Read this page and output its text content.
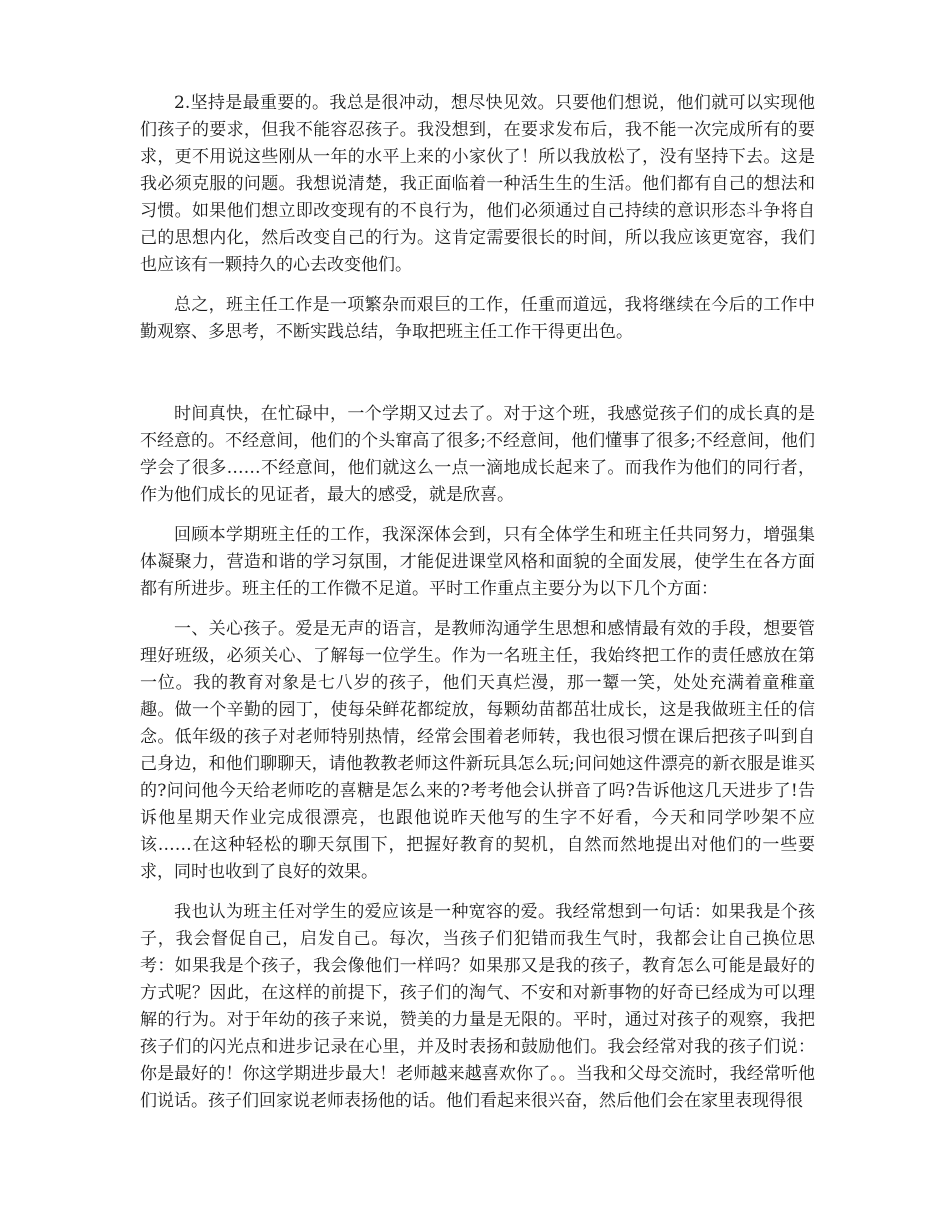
2.坚持是最重要的。我总是很冲动，想尽快见效。只要他们想说，他们就可以实现他们孩子的要求，但我不能容忍孩子。我没想到，在要求发布后，我不能一次完成所有的要求，更不用说这些刚从一年的水平上来的小家伙了！所以我放松了，没有坚持下去。这是我必须克服的问题。我想说清楚，我正面临着一种活生生的生活。他们都有自己的想法和习惯。如果他们想立即改变现有的不良行为，他们必须通过自己持续的意识形态斗争将自己的思想内化，然后改变自己的行为。这肯定需要很长的时间，所以我应该更宽容，我们也应该有一颗持久的心去改变他们。

总之，班主任工作是一项繁杂而艰巨的工作，任重而道远，我将继续在今后的工作中勤观察、多思考，不断实践总结，争取把班主任工作干得更出色。

时间真快，在忙碌中，一个学期又过去了。对于这个班，我感觉孩子们的成长真的是不经意的。不经意间，他们的个头窜高了很多;不经意间，他们懂事了很多;不经意间，他们学会了很多……不经意间，他们就这么一点一滴地成长起来了。而我作为他们的同行者，作为他们成长的见证者，最大的感受，就是欣喜。

回顾本学期班主任的工作，我深深体会到，只有全体学生和班主任共同努力，增强集体凝聚力，营造和谐的学习氛围，才能促进课堂风格和面貌的全面发展，使学生在各方面都有所进步。班主任的工作微不足道。平时工作重点主要分为以下几个方面：

一、关心孩子。爱是无声的语言，是教师沟通学生思想和感情最有效的手段，想要管理好班级，必须关心、了解每一位学生。作为一名班主任，我始终把工作的责任感放在第一位。我的教育对象是七八岁的孩子，他们天真烂漫，那一颦一笑，处处充满着童稚童趣。做一个辛勤的园丁，使每朵鲜花都绽放，每颗幼苗都茁壮成长，这是我做班主任的信念。低年级的孩子对老师特别热情，经常会围着老师转，我也很习惯在课后把孩子叫到自己身边，和他们聊聊天，请他教教老师这件新玩具怎么玩;问问她这件漂亮的新衣服是谁买的?问问他今天给老师吃的喜糖是怎么来的?考考他会认拼音了吗?告诉他这几天进步了!告诉他星期天作业完成很漂亮，也跟他说昨天他写的生字不好看，今天和同学吵架不应该……在这种轻松的聊天氛围下，把握好教育的契机，自然而然地提出对他们的一些要求，同时也收到了良好的效果。

我也认为班主任对学生的爱应该是一种宽容的爱。我经常想到一句话：如果我是个孩子，我会督促自己，启发自己。每次，当孩子们犯错而我生气时，我都会让自己换位思考：如果我是个孩子，我会像他们一样吗？如果那又是我的孩子，教育怎么可能是最好的方式呢？因此，在这样的前提下，孩子们的淘气、不安和对新事物的好奇已经成为可以理解的行为。对于年幼的孩子来说，赞美的力量是无限的。平时，通过对孩子的观察，我把孩子们的闪光点和进步记录在心里，并及时表扬和鼓励他们。我会经常对我的孩子们说：你是最好的！你这学期进步最大！老师越来越喜欢你了。。当我和父母交流时，我经常听他们说话。孩子们回家说老师表扬他的话。他们看起来很兴奋，然后他们会在家里表现得很
